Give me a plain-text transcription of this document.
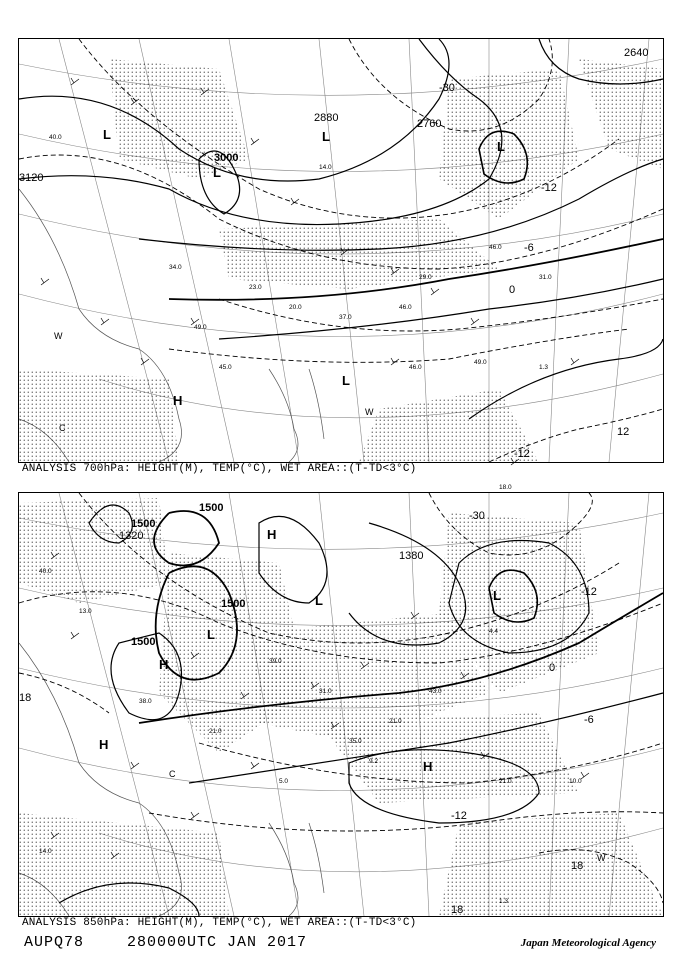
34.0
49.0
23.0
20.0
37.0
46.0
29.0
46.0
31.0
49.0
46.0	1.3
45.0
18.0
40.0
14.0
2640
2760
2880
3000
3120
-30
-12
-6
0
12
-12
L
L
L
L
H
L
W
W
C
ANALYSIS 700hPa: HEIGHT(M), TEMP(°C), WET AREA::(T-TD<3°C)
40.0
13.0
38.0
21.0
39.0
31.0
35.0
21.0
43.0
4.4
21.0
9.2
5.0
1.3
10.0
14.0
1380
1500
1500
1500
1500
1320
-30
-12
-6
0
-12
18
18
18
L
L	L
H
H
H
H
W
C
ANALYSIS 850hPa: HEIGHT(M), TEMP(°C), WET AREA::(T-TD<3°C)
AUPQ78	280000UTC JAN 2017	Japan Meteorological Agency
